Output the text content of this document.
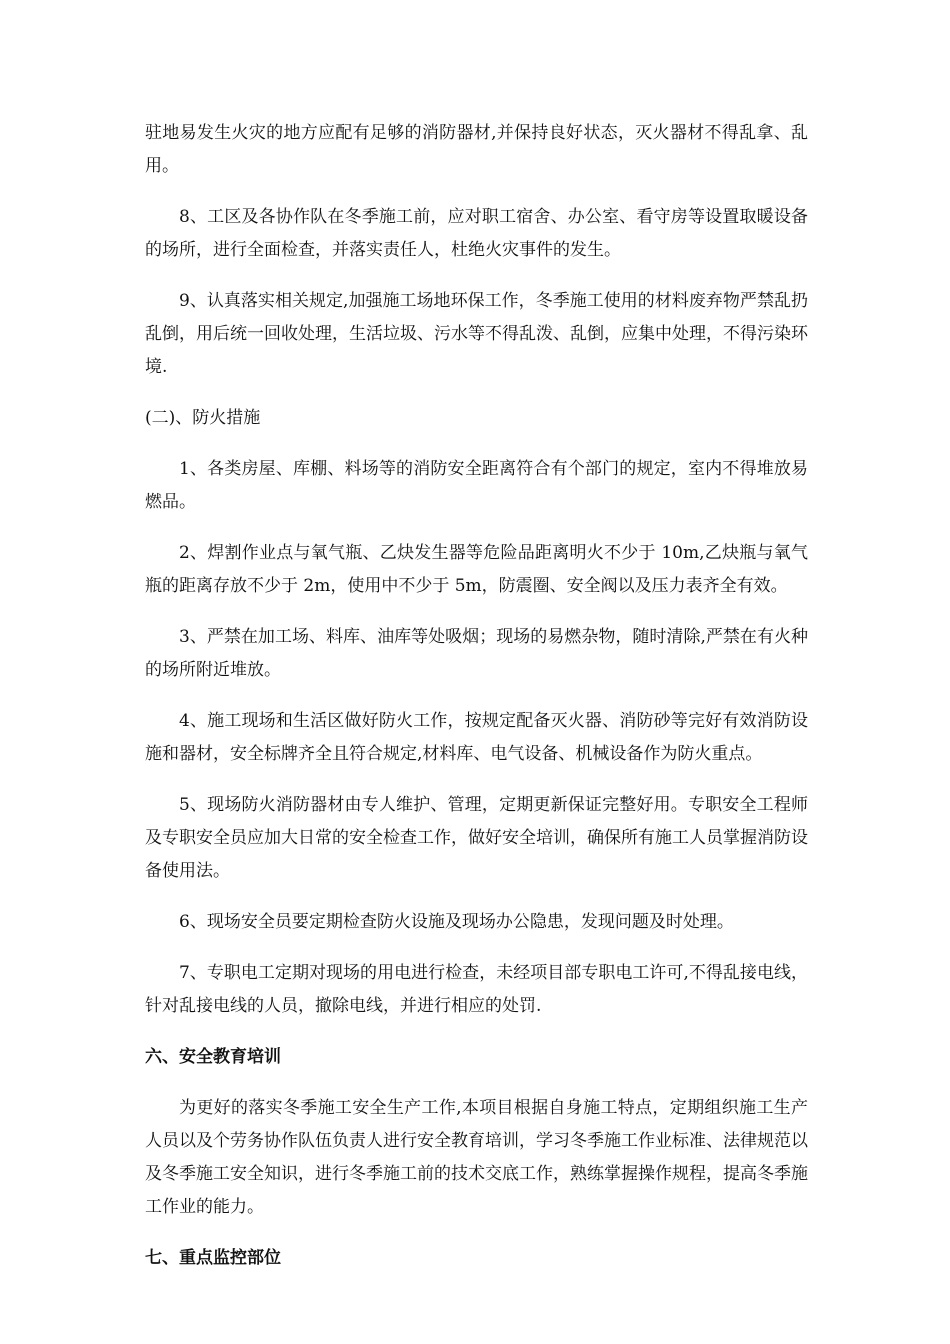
驻地易发生火灾的地方应配有足够的消防器材,并保持良好状态，灭火器材不得乱拿、乱用。

8、工区及各协作队在冬季施工前，应对职工宿舍、办公室、看守房等设置取暖设备的场所，进行全面检查，并落实责任人，杜绝火灾事件的发生。

9、认真落实相关规定,加强施工场地环保工作，冬季施工使用的材料废弃物严禁乱扔乱倒，用后统一回收处理，生活垃圾、污水等不得乱泼、乱倒，应集中处理，不得污染环境.

(二)、防火措施

1、各类房屋、库棚、料场等的消防安全距离符合有个部门的规定，室内不得堆放易燃品。

2、焊割作业点与氧气瓶、乙炔发生器等危险品距离明火不少于 10m,乙炔瓶与氧气瓶的距离存放不少于 2m，使用中不少于 5m，防震圈、安全阀以及压力表齐全有效。

3、严禁在加工场、料库、油库等处吸烟；现场的易燃杂物，随时清除,严禁在有火种的场所附近堆放。

4、施工现场和生活区做好防火工作，按规定配备灭火器、消防砂等完好有效消防设施和器材，安全标牌齐全且符合规定,材料库、电气设备、机械设备作为防火重点。

5、现场防火消防器材由专人维护、管理，定期更新保证完整好用。专职安全工程师及专职安全员应加大日常的安全检查工作，做好安全培训，确保所有施工人员掌握消防设备使用法。

6、现场安全员要定期检查防火设施及现场办公隐患，发现问题及时处理。

7、专职电工定期对现场的用电进行检查，未经项目部专职电工许可,不得乱接电线，针对乱接电线的人员，撤除电线，并进行相应的处罚.

六、安全教育培训

为更好的落实冬季施工安全生产工作,本项目根据自身施工特点，定期组织施工生产人员以及个劳务协作队伍负责人进行安全教育培训，学习冬季施工作业标准、法律规范以及冬季施工安全知识，进行冬季施工前的技术交底工作，熟练掌握操作规程，提高冬季施工作业的能力。

七、重点监控部位
